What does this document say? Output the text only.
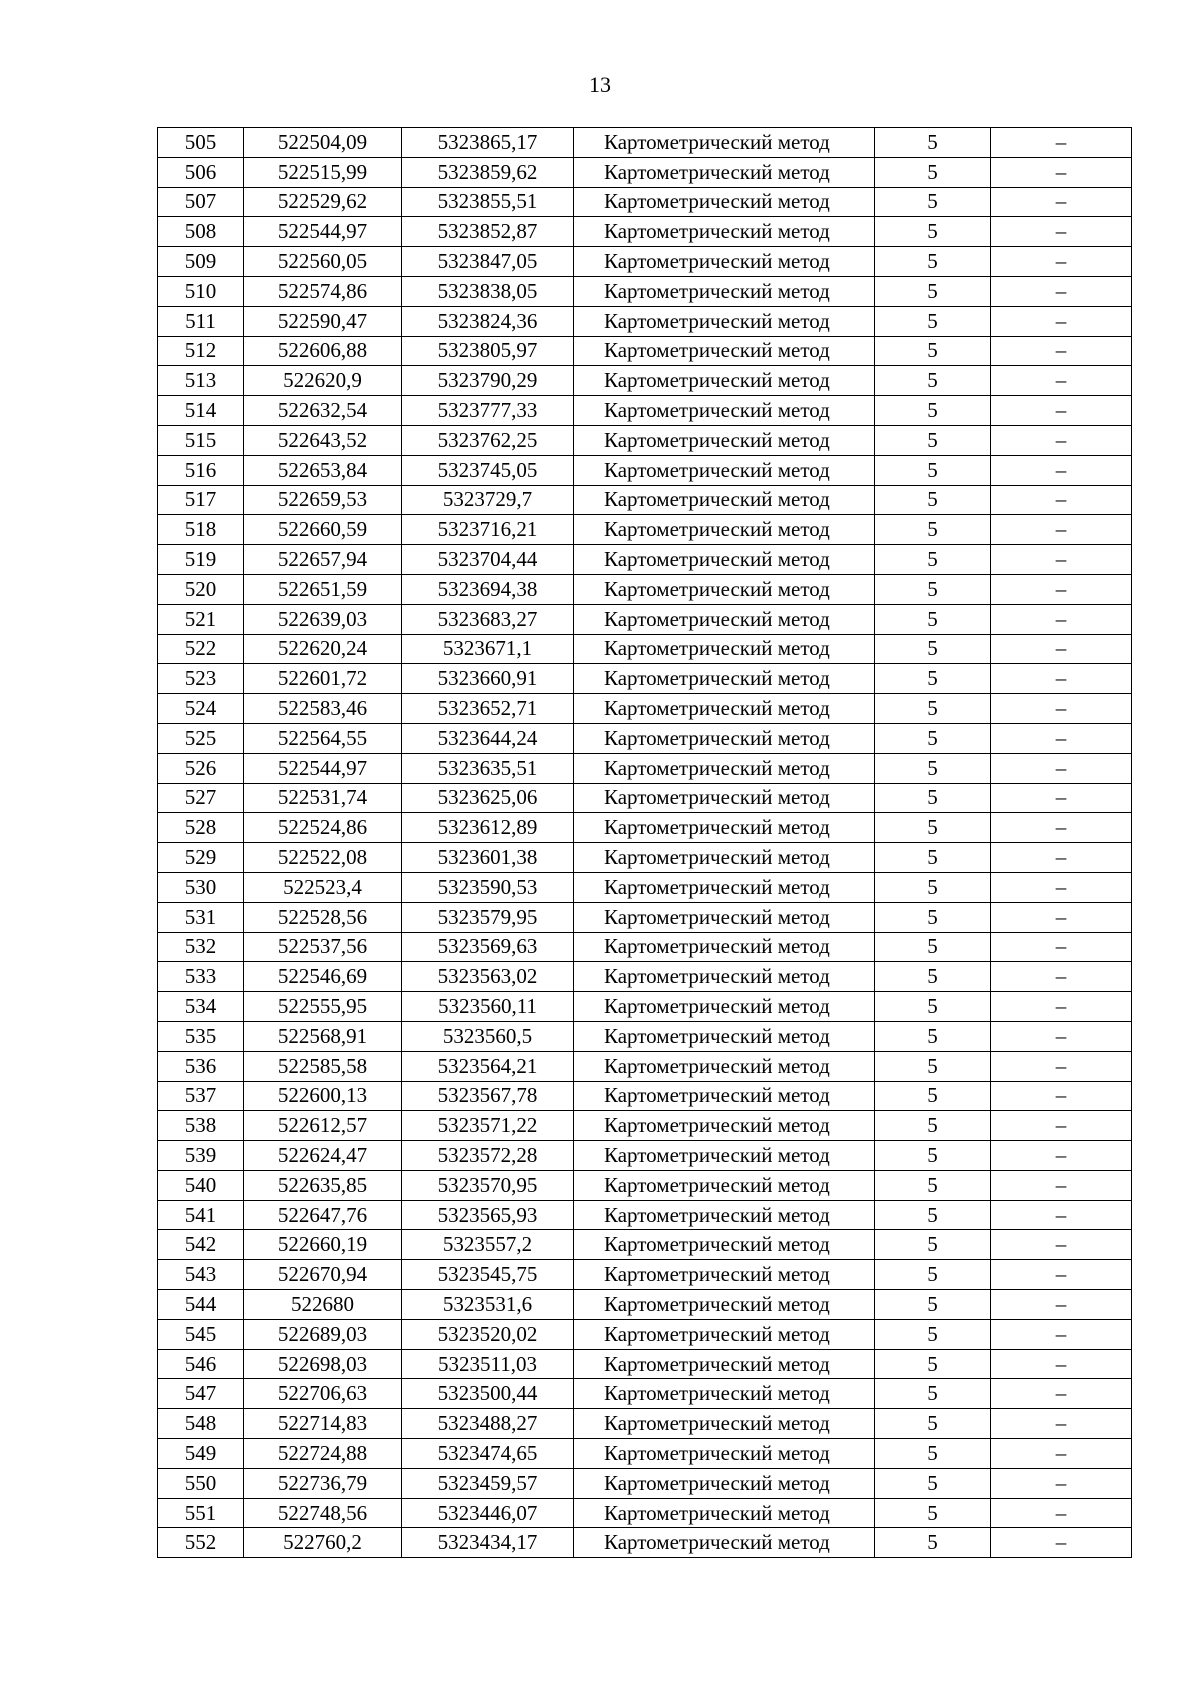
13
505	522504,09	5323865,17	Картометрический метод	5	–
506	522515,99	5323859,62	Картометрический метод	5	–
507	522529,62	5323855,51	Картометрический метод	5	–
508	522544,97	5323852,87	Картометрический метод	5	–
509	522560,05	5323847,05	Картометрический метод	5	–
510	522574,86	5323838,05	Картометрический метод	5	–
511	522590,47	5323824,36	Картометрический метод	5	–
512	522606,88	5323805,97	Картометрический метод	5	–
513	522620,9	5323790,29	Картометрический метод	5	–
514	522632,54	5323777,33	Картометрический метод	5	–
515	522643,52	5323762,25	Картометрический метод	5	–
516	522653,84	5323745,05	Картометрический метод	5	–
517	522659,53	5323729,7	Картометрический метод	5	–
518	522660,59	5323716,21	Картометрический метод	5	–
519	522657,94	5323704,44	Картометрический метод	5	–
520	522651,59	5323694,38	Картометрический метод	5	–
521	522639,03	5323683,27	Картометрический метод	5	–
522	522620,24	5323671,1	Картометрический метод	5	–
523	522601,72	5323660,91	Картометрический метод	5	–
524	522583,46	5323652,71	Картометрический метод	5	–
525	522564,55	5323644,24	Картометрический метод	5	–
526	522544,97	5323635,51	Картометрический метод	5	–
527	522531,74	5323625,06	Картометрический метод	5	–
528	522524,86	5323612,89	Картометрический метод	5	–
529	522522,08	5323601,38	Картометрический метод	5	–
530	522523,4	5323590,53	Картометрический метод	5	–
531	522528,56	5323579,95	Картометрический метод	5	–
532	522537,56	5323569,63	Картометрический метод	5	–
533	522546,69	5323563,02	Картометрический метод	5	–
534	522555,95	5323560,11	Картометрический метод	5	–
535	522568,91	5323560,5	Картометрический метод	5	–
536	522585,58	5323564,21	Картометрический метод	5	–
537	522600,13	5323567,78	Картометрический метод	5	–
538	522612,57	5323571,22	Картометрический метод	5	–
539	522624,47	5323572,28	Картометрический метод	5	–
540	522635,85	5323570,95	Картометрический метод	5	–
541	522647,76	5323565,93	Картометрический метод	5	–
542	522660,19	5323557,2	Картометрический метод	5	–
543	522670,94	5323545,75	Картометрический метод	5	–
544	522680	5323531,6	Картометрический метод	5	–
545	522689,03	5323520,02	Картометрический метод	5	–
546	522698,03	5323511,03	Картометрический метод	5	–
547	522706,63	5323500,44	Картометрический метод	5	–
548	522714,83	5323488,27	Картометрический метод	5	–
549	522724,88	5323474,65	Картометрический метод	5	–
550	522736,79	5323459,57	Картометрический метод	5	–
551	522748,56	5323446,07	Картометрический метод	5	–
552	522760,2	5323434,17	Картометрический метод	5	–
